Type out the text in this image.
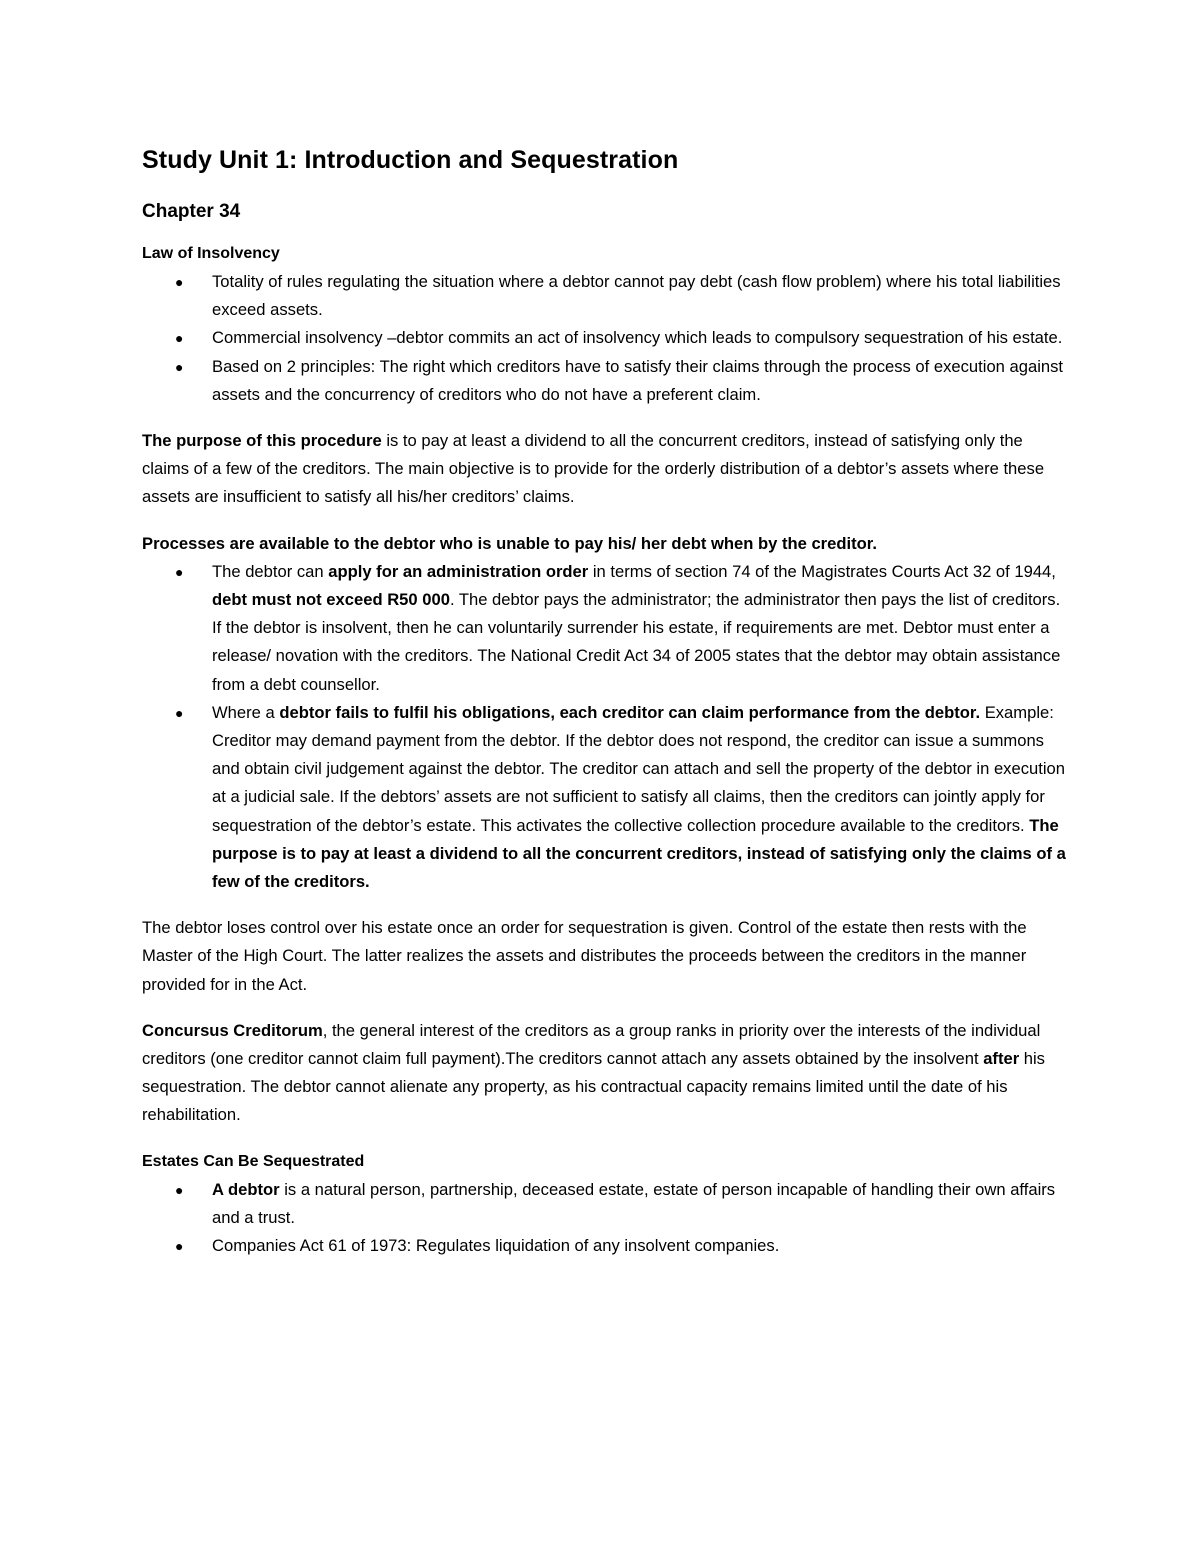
Study Unit 1: Introduction and Sequestration
Chapter 34
Law of Insolvency
● Totality of rules regulating the situation where a debtor cannot pay debt (cash flow problem) where his total liabilities exceed assets.
● Commercial insolvency –debtor commits an act of insolvency which leads to compulsory sequestration of his estate.
● Based on 2 principles: The right which creditors have to satisfy their claims through the process of execution against assets and the concurrency of creditors who do not have a preferent claim.

The purpose of this procedure is to pay at least a dividend to all the concurrent creditors, instead of satisfying only the claims of a few of the creditors. The main objective is to provide for the orderly distribution of a debtor’s assets where these assets are insufficient to satisfy all his/her creditors’ claims.

Processes are available to the debtor who is unable to pay his/ her debt when by the creditor.

● The debtor can apply for an administration order in terms of section 74 of the Magistrates Courts Act 32 of 1944, debt must not exceed R50 000. The debtor pays the administrator; the administrator then pays the list of creditors. If the debtor is insolvent, then he can voluntarily surrender his estate, if requirements are met. Debtor must enter a release/ novation with the creditors. The National Credit Act 34 of 2005 states that the debtor may obtain assistance from a debt counsellor.
● Where a debtor fails to fulfil his obligations, each creditor can claim performance from the debtor. Example: Creditor may demand payment from the debtor. If the debtor does not respond, the creditor can issue a summons and obtain civil judgement against the debtor. The creditor can attach and sell the property of the debtor in execution at a judicial sale. If the debtors’ assets are not sufficient to satisfy all claims, then the creditors can jointly apply for sequestration of the debtor’s estate. This activates the collective collection procedure available to the creditors. The purpose is to pay at least a dividend to all the concurrent creditors, instead of satisfying only the claims of a few of the creditors.

The debtor loses control over his estate once an order for sequestration is given. Control of the estate then rests with the Master of the High Court. The latter realizes the assets and distributes the proceeds between the creditors in the manner provided for in the Act.

Concursus Creditorum, the general interest of the creditors as a group ranks in priority over the interests of the individual creditors (one creditor cannot claim full payment).The creditors cannot attach any assets obtained by the insolvent after his sequestration. The debtor cannot alienate any property, as his contractual capacity remains limited until the date of his rehabilitation.

Estates Can Be Sequestrated
● A debtor is a natural person, partnership, deceased estate, estate of person incapable of handling their own affairs and a trust.
● Companies Act 61 of 1973: Regulates liquidation of any insolvent companies.
